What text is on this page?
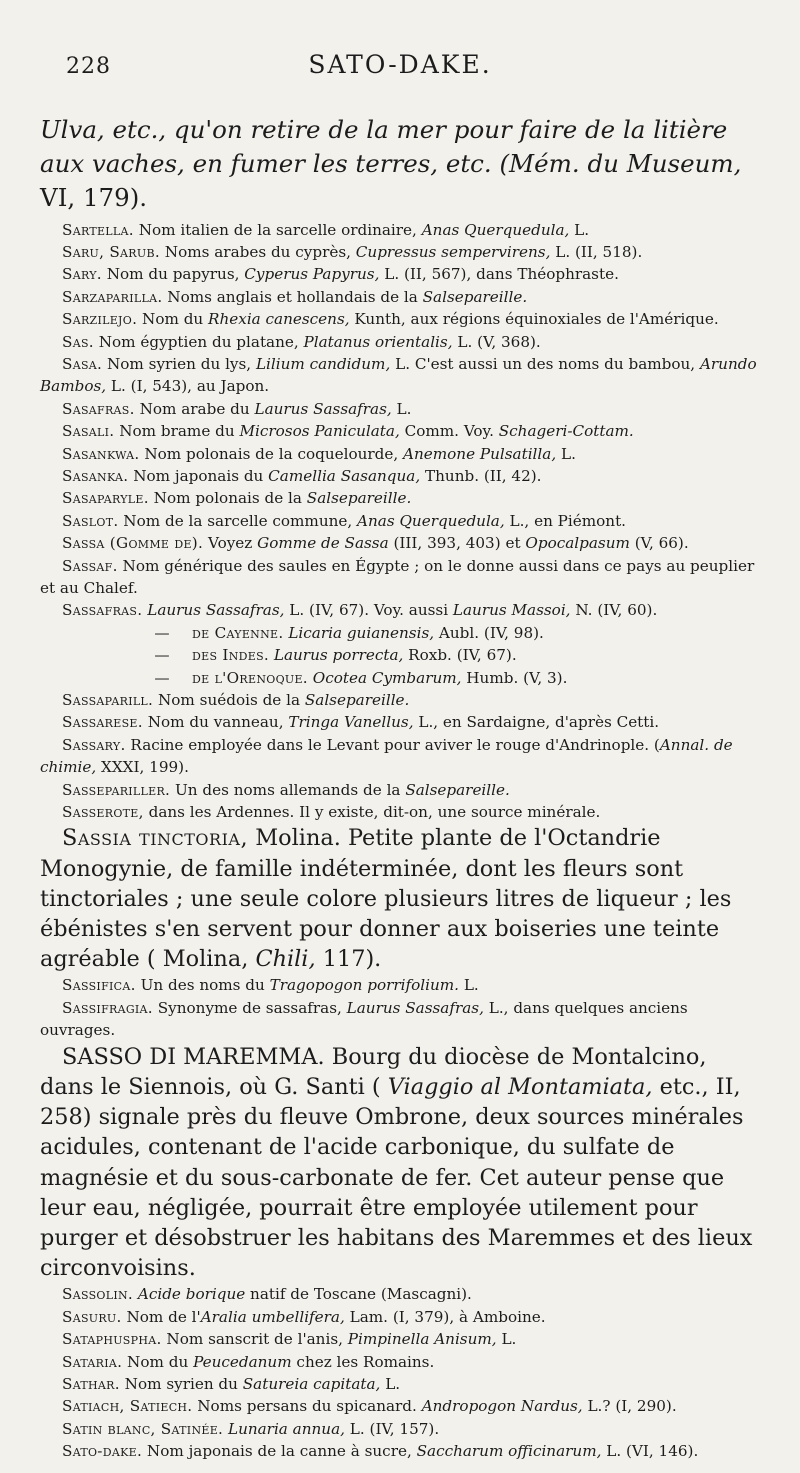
228	SATO-DAKE.

Ulva, etc., qu'on retire de la mer pour faire de la litière aux vaches, en fumer les terres, etc. (Mém. du Museum, VI, 179).

Sartella. Nom italien de la sarcelle ordinaire, Anas Querquedula, L.

Saru, Sarub. Noms arabes du cyprès, Cupressus sempervirens, L. (II, 518).

Sary. Nom du papyrus, Cyperus Papyrus, L. (II, 567), dans Théophraste.

Sarzaparilla. Noms anglais et hollandais de la Salsepareille.

Sarzilejo. Nom du Rhexia canescens, Kunth, aux régions équinoxiales de l'Amérique.

Sas. Nom égyptien du platane, Platanus orientalis, L. (V, 368).

Sasa. Nom syrien du lys, Lilium candidum, L. C'est aussi un des noms du bambou, Arundo Bambos, L. (I, 543), au Japon.

Sasafras. Nom arabe du Laurus Sassafras, L.

Sasali. Nom brame du Microsos Paniculata, Comm. Voy. Schageri-Cottam.

Sasankwa. Nom polonais de la coquelourde, Anemone Pulsatilla, L.

Sasanka. Nom japonais du Camellia Sasanqua, Thunb. (II, 42).

Sasaparyle. Nom polonais de la Salsepareille.

Saslot. Nom de la sarcelle commune, Anas Querquedula, L., en Piémont.

Sassa (Gomme de). Voyez Gomme de Sassa (III, 393, 403) et Opocalpasum (V, 66).

Sassaf. Nom générique des saules en Égypte ; on le donne aussi dans ce pays au peuplier et au Chalef.

Sassafras. Laurus Sassafras, L. (IV, 67). Voy. aussi Laurus Massoi, N. (IV, 60).

— de Cayenne. Licaria guianensis, Aubl. (IV, 98).

— des Indes. Laurus porrecta, Roxb. (IV, 67).

— de l'Orenoque. Ocotea Cymbarum, Humb. (V, 3).

Sassaparill. Nom suédois de la Salsepareille.

Sassarese. Nom du vanneau, Tringa Vanellus, L., en Sardaigne, d'après Cetti.

Sassary. Racine employée dans le Levant pour aviver le rouge d'Andrinople. (Annal. de chimie, XXXI, 199).

Sassepariller. Un des noms allemands de la Salsepareille.

Sasserote, dans les Ardennes. Il y existe, dit-on, une source minérale.

Sassia tinctoria, Molina. Petite plante de l'Octandrie Monogynie, de famille indéterminée, dont les fleurs sont tinctoriales ; une seule colore plusieurs litres de liqueur ; les ébénistes s'en servent pour donner aux boiseries une teinte agréable ( Molina, Chili, 117).

Sassifica. Un des noms du Tragopogon porrifolium. L.

Sassifragia. Synonyme de sassafras, Laurus Sassafras, L., dans quelques anciens ouvrages.

SASSO DI MAREMMA. Bourg du diocèse de Montalcino, dans le Siennois, où G. Santi ( Viaggio al Montamiata, etc., II, 258) signale près du fleuve Ombrone, deux sources minérales acidules, contenant de l'acide carbonique, du sulfate de magnésie et du sous-carbonate de fer. Cet auteur pense que leur eau, négligée, pourrait être employée utilement pour purger et désobstruer les habitans des Maremmes et des lieux circonvoisins.

Sassolin. Acide borique natif de Toscane (Mascagni).

Sasuru. Nom de l'Aralia umbellifera, Lam. (I, 379), à Amboine.

Sataphuspha. Nom sanscrit de l'anis, Pimpinella Anisum, L.

Sataria. Nom du Peucedanum chez les Romains.

Sathar. Nom syrien du Satureia capitata, L.

Satiach, Satiech. Noms persans du spicanard. Andropogon Nardus, L.? (I, 290).

Satin blanc, Satinée. Lunaria annua, L. (IV, 157).

Sato-dake. Nom japonais de la canne à sucre, Saccharum officinarum, L. (VI, 146).
